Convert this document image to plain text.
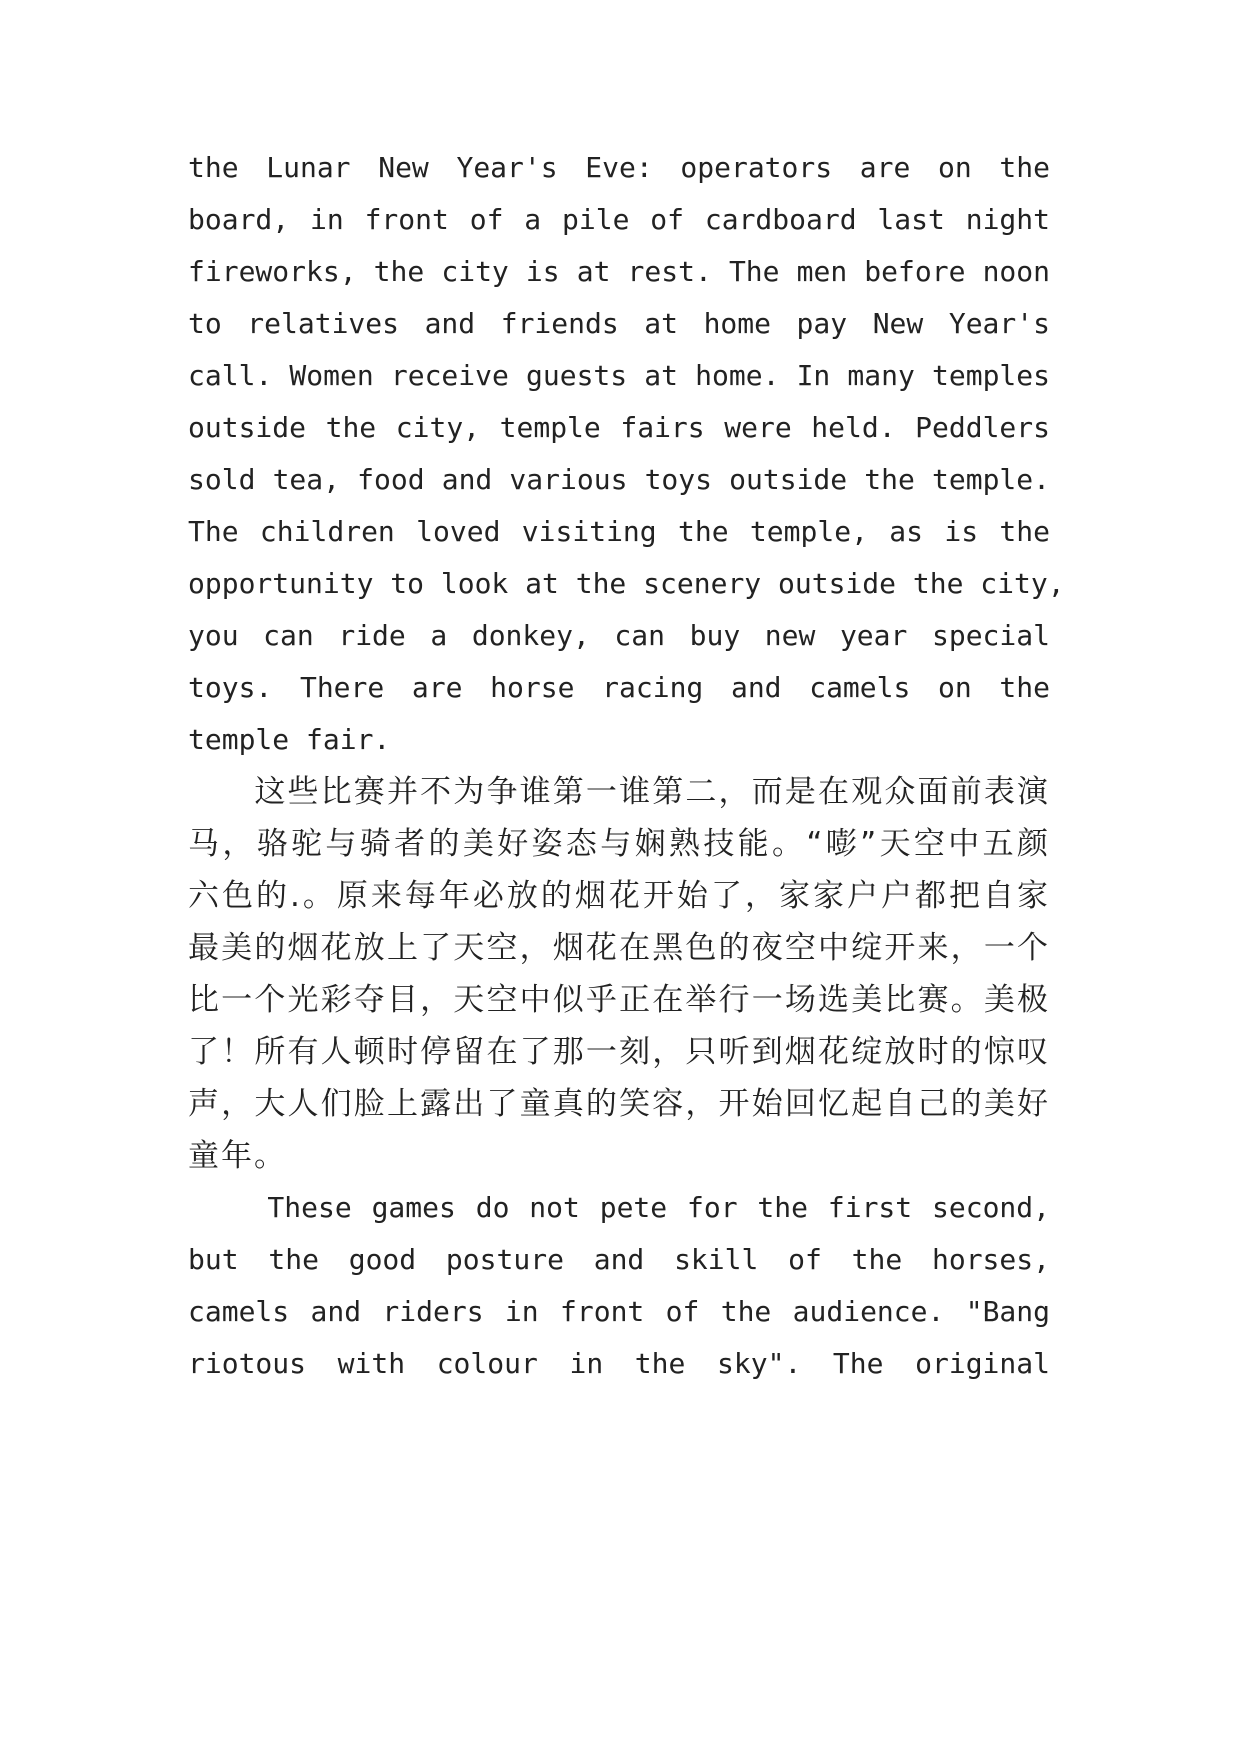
the Lunar New Year's Eve: operators are on the
board, in front of a pile of cardboard last night
fireworks, the city is at rest. The men before noon
to relatives and friends at home pay New Year's
call. Women receive guests at home. In many temples
outside the city, temple fairs were held. Peddlers
sold tea, food and various toys outside the temple.
The children loved visiting the temple, as is the
opportunity to look at the scenery outside the city,
you can ride a donkey, can buy new year special
toys. There are horse racing and camels on the
temple fair.
　　这些比赛并不为争谁第一谁第二，而是在观众面前表演
马，骆驼与骑者的美好姿态与娴熟技能。“嘭”天空中五颜
六色的.。原来每年必放的烟花开始了，家家户户都把自家
最美的烟花放上了天空，烟花在黑色的夜空中绽开来，一个
比一个光彩夺目，天空中似乎正在举行一场选美比赛。美极
了！所有人顿时停留在了那一刻，只听到烟花绽放时的惊叹
声，大人们脸上露出了童真的笑容，开始回忆起自己的美好
童年。
These games do not pete for the first second,
but the good posture and skill of the horses,
camels and riders in front of the audience. "Bang
riotous with colour in the sky". The original
